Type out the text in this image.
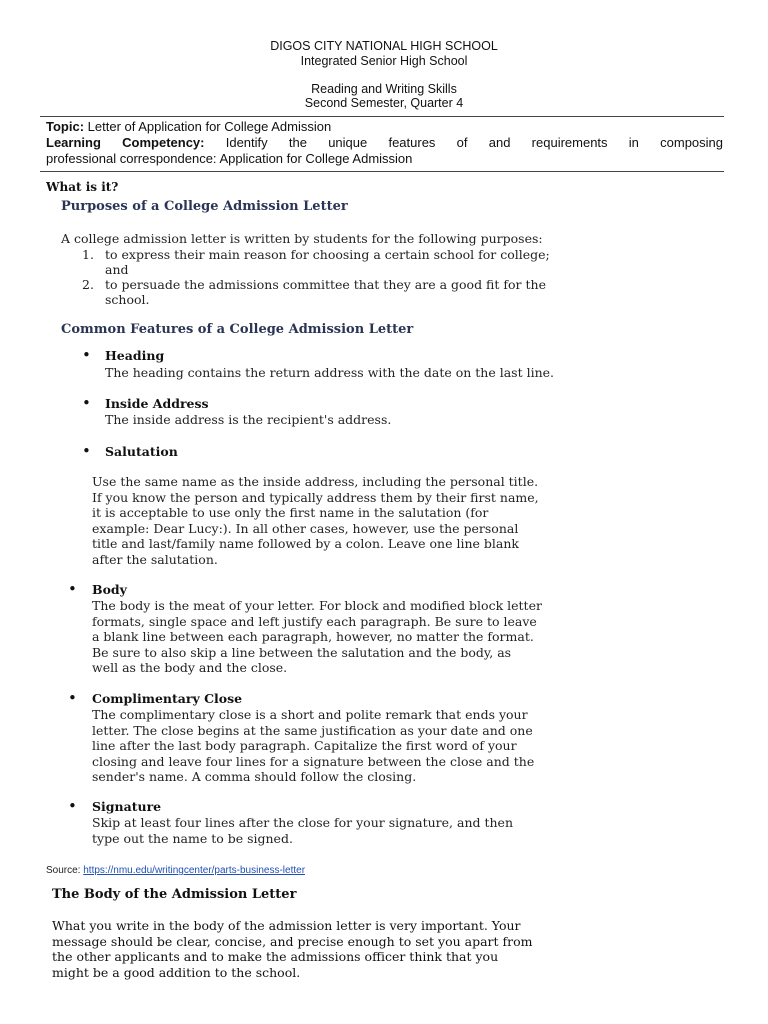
DIGOS CITY NATIONAL HIGH SCHOOL
Integrated Senior High School
Reading and Writing Skills
Second Semester, Quarter 4
Topic: Letter of Application for College Admission
Learning Competency: Identify the unique features of and requirements in composing
professional correspondence: Application for College Admission
What is it?
Purposes of a College Admission Letter
A college admission letter is written by students for the following purposes:
1. to express their main reason for choosing a certain school for college;
and
2. to persuade the admissions committee that they are a good fit for the
school.
Common Features of a College Admission Letter
• Heading
The heading contains the return address with the date on the last line.
• Inside Address
The inside address is the recipient's address.
• Salutation
Use the same name as the inside address, including the personal title.
If you know the person and typically address them by their first name,
it is acceptable to use only the first name in the salutation (for
example: Dear Lucy:). In all other cases, however, use the personal
title and last/family name followed by a colon. Leave one line blank
after the salutation.
• Body
The body is the meat of your letter. For block and modified block letter
formats, single space and left justify each paragraph. Be sure to leave
a blank line between each paragraph, however, no matter the format.
Be sure to also skip a line between the salutation and the body, as
well as the body and the close.
• Complimentary Close
The complimentary close is a short and polite remark that ends your
letter. The close begins at the same justification as your date and one
line after the last body paragraph. Capitalize the first word of your
closing and leave four lines for a signature between the close and the
sender's name. A comma should follow the closing.
• Signature
Skip at least four lines after the close for your signature, and then
type out the name to be signed.
Source: https://nmu.edu/writingcenter/parts-business-letter
The Body of the Admission Letter
What you write in the body of the admission letter is very important. Your
message should be clear, concise, and precise enough to set you apart from
the other applicants and to make the admissions officer think that you
might be a good addition to the school.
